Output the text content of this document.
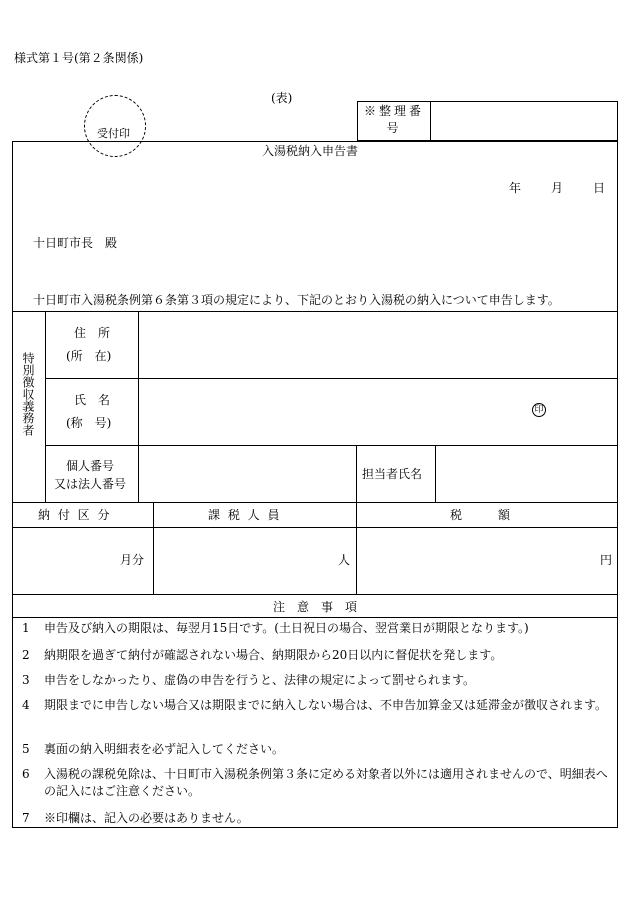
様式第１号(第２条関係)
(表)
受付印
※整理番号
入湯税納入申告書
年 月 日
十日町市長　殿
十日町市入湯税条例第６条第３項の規定により、下記のとおり入湯税の納入について申告します。
特別徴収義務者
住　所
(所　在)
氏　名
(称　号)
印
個人番号
又は法人番号
担当者氏名
納 付 区 分	課 税 人 員	税　　　額
月分	人	円
注　意　事　項
1	申告及び納入の期限は、毎翌月15日です。(土日祝日の場合、翌営業日が期限となります。)
2	納期限を過ぎて納付が確認されない場合、納期限から20日以内に督促状を発します。
3	申告をしなかったり、虚偽の申告を行うと、法律の規定によって罰せられます。
4	期限までに申告しない場合又は期限までに納入しない場合は、不申告加算金又は延滞金が徴収されます。
5	裏面の納入明細表を必ず記入してください。
6	入湯税の課税免除は、十日町市入湯税条例第３条に定める対象者以外には適用されませんので、明細表への記入にはご注意ください。
7	※印欄は、記入の必要はありません。
